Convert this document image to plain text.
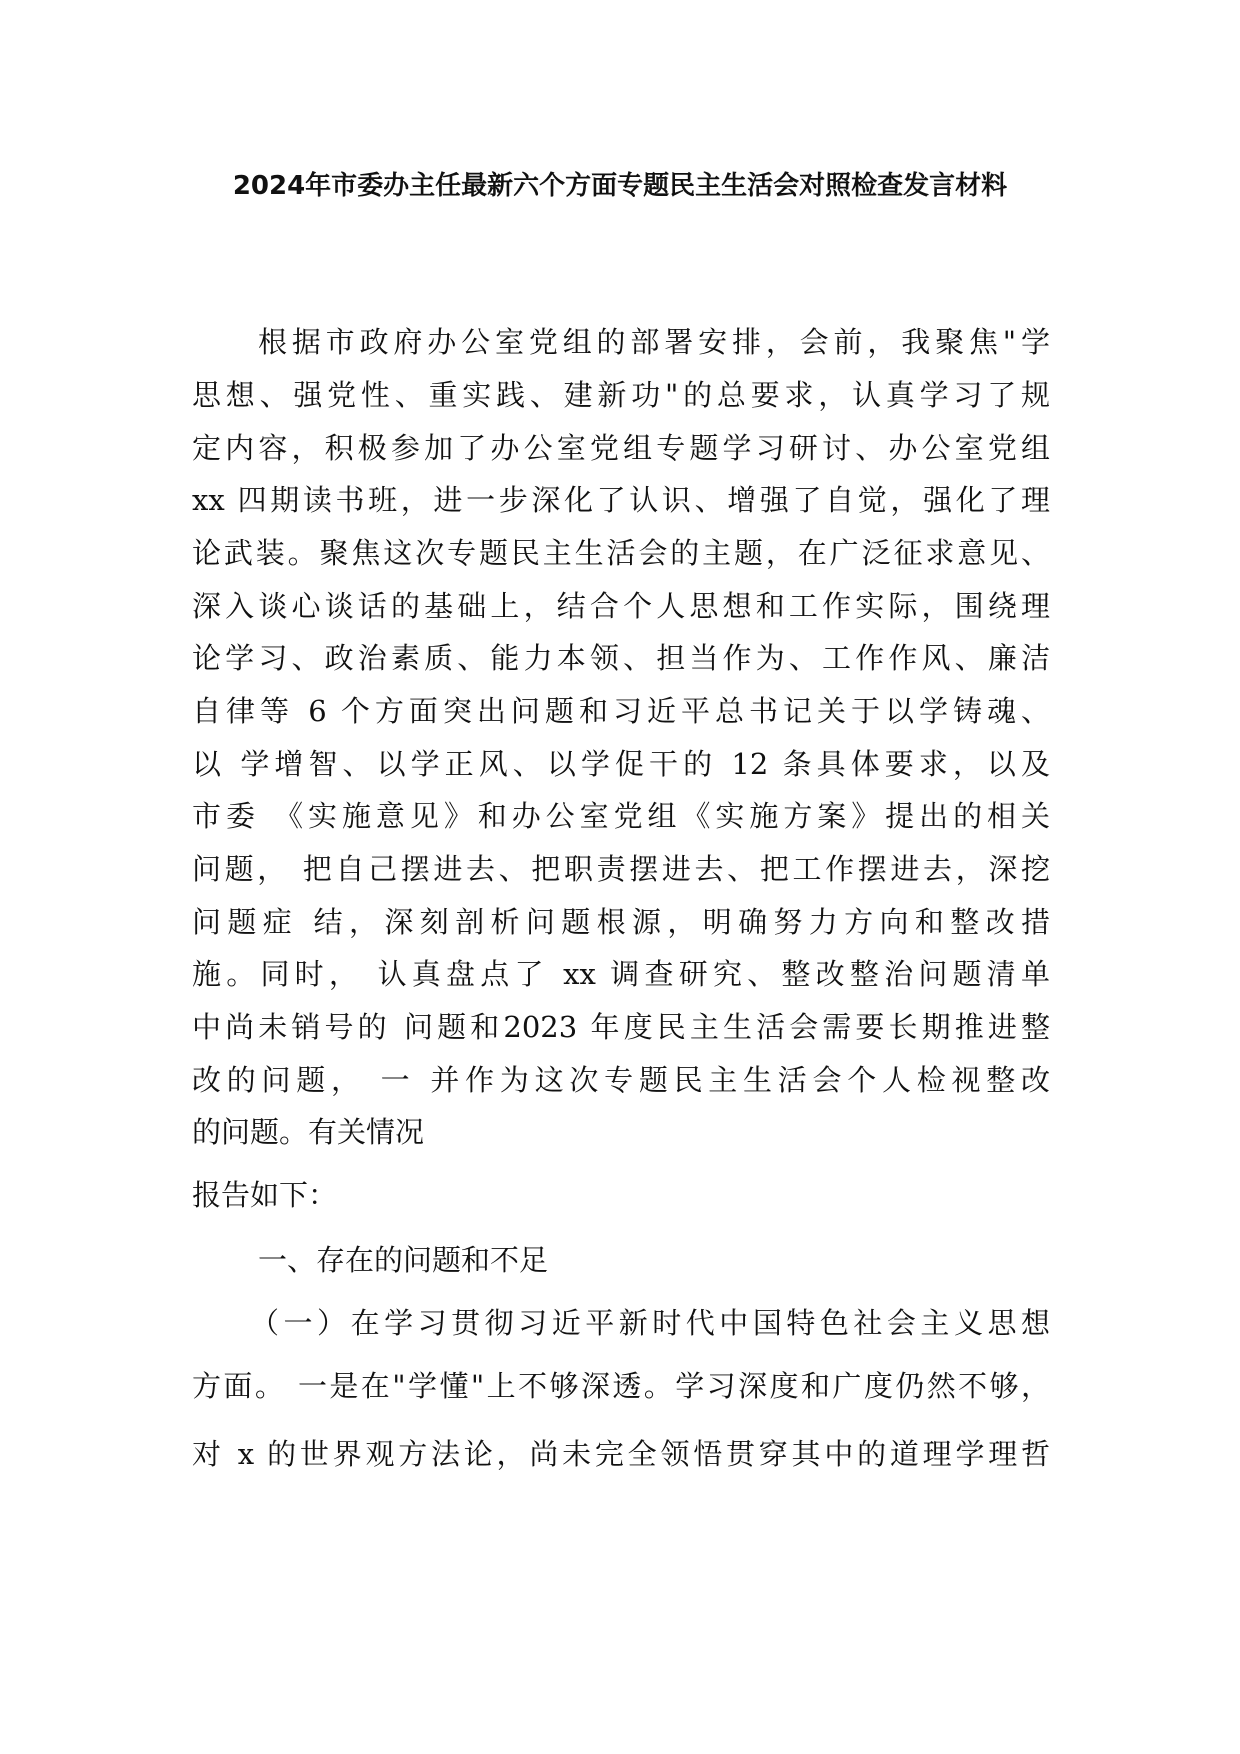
2024年市委办主任最新六个方面专题民主生活会对照检查发言材料
根据市政府办公室党组的部署安排，会前，我聚焦"学
思想、强党性、重实践、建新功"的总要求，认真学习了规
定内容，积极参加了办公室党组专题学习研讨、办公室党组
xx 四期读书班，进一步深化了认识、增强了自觉，强化了理
论武装。聚焦这次专题民主生活会的主题，在广泛征求意见、
深入谈心谈话的基础上，结合个人思想和工作实际，围绕理
论学习、政治素质、能力本领、担当作为、工作作风、廉洁
自律等 6 个方面突出问题和习近平总书记关于以学铸魂、
以 学增智、以学正风、以学促干的 12 条具体要求，以及
市委 《实施意见》和办公室党组《实施方案》提出的相关
问题， 把自己摆进去、把职责摆进去、把工作摆进去，深挖
问题症 结，深刻剖析问题根源，明确努力方向和整改措
施。同时， 认真盘点了 xx 调查研究、整改整治问题清单
中尚未销号的 问题和2023 年度民主生活会需要长期推进整
改的问题， 一 并作为这次专题民主生活会个人检视整改
的问题。有关情况
报告如下：
一、存在的问题和不足
（一）在学习贯彻习近平新时代中国特色社会主义思想
方面。 一是在"学懂"上不够深透。学习深度和广度仍然不够，
对 x 的世界观方法论，尚未完全领悟贯穿其中的道理学理哲
